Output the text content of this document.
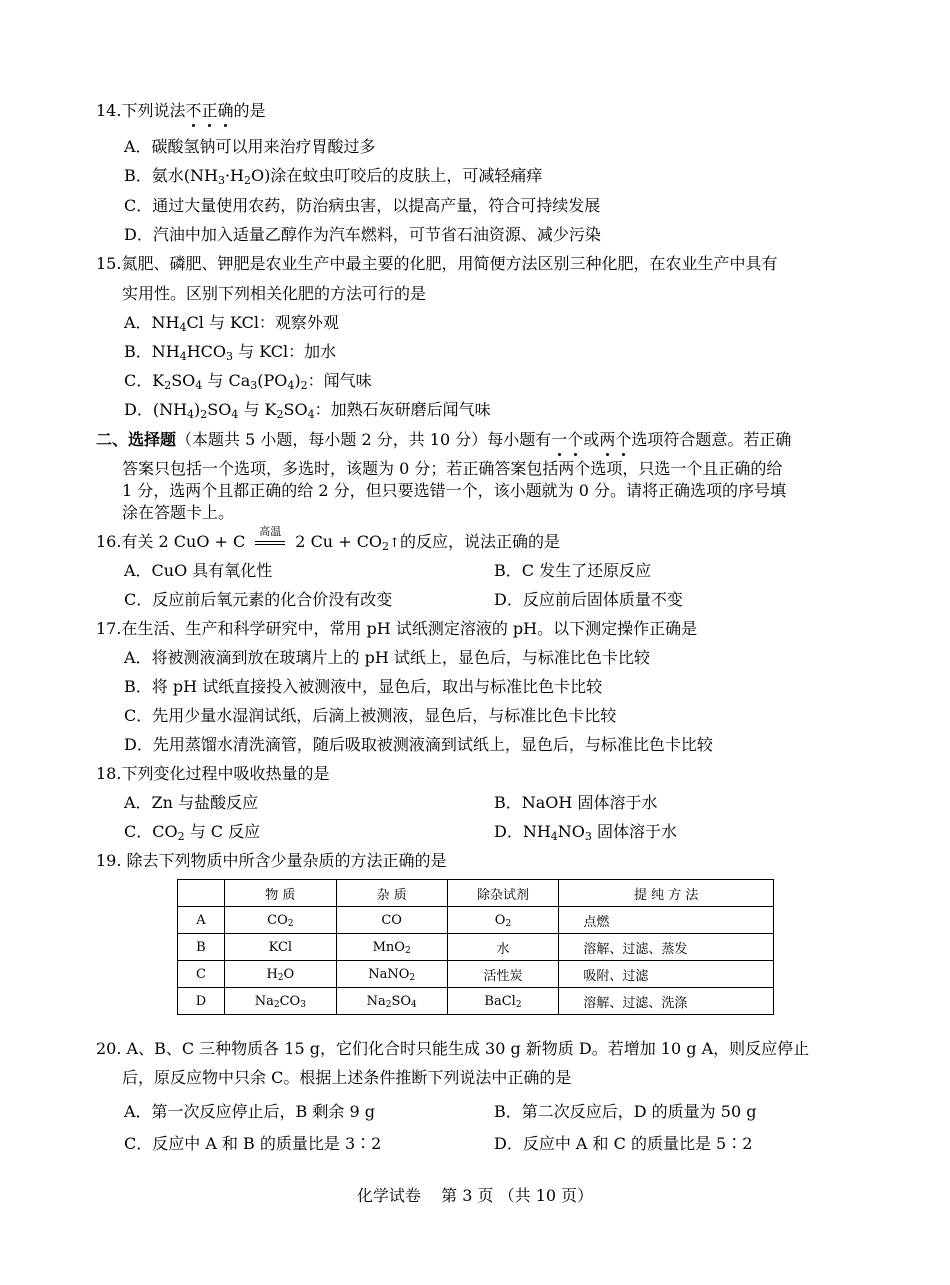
14.下列说法不正确的是
A．碳酸氢钠可以用来治疗胃酸过多
B．氨水$(NH_3\cdot H_2O)$涂在蚊虫叮咬后的皮肤上，可减轻痛痒
C．通过大量使用农药，防治病虫害，以提高产量，符合可持续发展
D．汽油中加入适量乙醇作为汽车燃料，可节省石油资源、减少污染
15.氮肥、磷肥、钾肥是农业生产中最主要的化肥，用简便方法区别三种化肥，在农业生产中具有
实用性。区别下列相关化肥的方法可行的是
A．$NH_4Cl$ 与 KCl：观察外观
B．$NH_4HCO_3$ 与 KCl：加水
C．$K_2SO_4$ 与 $Ca_3(PO_4)_2$：闻气味
D．$(NH_4)_2SO_4$ 与 $K_2SO_4$：加熟石灰研磨后闻气味
二、选择题（本题共 5 小题，每小题 2 分，共 10 分）每小题有一个或两个选项符合题意。若正确
答案只包括一个选项，多选时，该题为 0 分；若正确答案包括两个选项，只选一个且正确的给
1 分，选两个且都正确的给 2 分，但只要选错一个，该小题就为 0 分。请将正确选项的序号填
涂在答题卡上。
16.有关 2 CuO + C
高温
2 $Cu + CO_2↑$的反应，说法正确的是
A．CuO 具有氧化性	B．C 发生了还原反应
C．反应前后氧元素的化合价没有改变	D．反应前后固体质量不变
17.在生活、生产和科学研究中，常用 pH 试纸测定溶液的 pH。以下测定操作正确是
A．将被测液滴到放在玻璃片上的 pH 试纸上，显色后，与标准比色卡比较
B．将 pH 试纸直接投入被测液中，显色后，取出与标准比色卡比较
C．先用少量水湿润试纸，后滴上被测液，显色后，与标准比色卡比较
D．先用蒸馏水清洗滴管，随后吸取被测液滴到试纸上，显色后，与标准比色卡比较
18.下列变化过程中吸收热量的是
A．Zn 与盐酸反应	B．NaOH 固体溶于水
C．$CO_2$ 与 C 反应	D．$NH_4NO_3$ 固体溶于水
19. 除去下列物质中所含少量杂质的方法正确的是
	物 质	杂 质	除杂试剂	提 纯 方 法
A	$CO_2$	CO	$O_2$	点燃
B	KCl	MnO$_2$	水	溶解、过滤、蒸发
C	$H_2O$	NaNO$_2$	活性炭	吸附、过滤
D	$Na_2CO_3$	$Na_2SO_4$	BaCl$_2$	溶解、过滤、洗涤
20. A、B、C 三种物质各 15 g，它们化合时只能生成 30 g 新物质 D。若增加 10 g A，则反应停止
后，原反应物中只余 C。根据上述条件推断下列说法中正确的是
A．第一次反应停止后，B 剩余 9 g	B．第二次反应后，D 的质量为 50 g
C．反应中 A 和 B 的质量比是 3∶2	D．反应中 A 和 C 的质量比是 5∶2
化学试卷    第 3 页 （共 10 页）
